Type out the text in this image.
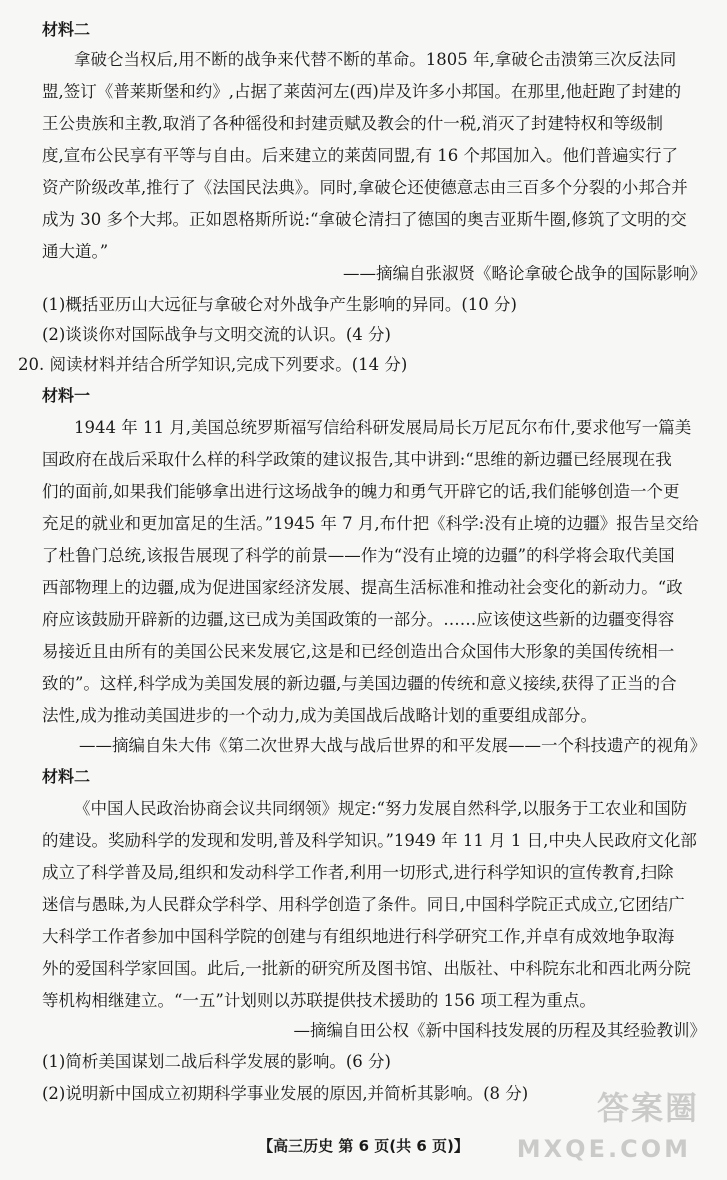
材料二
拿破仑当权后,用不断的战争来代替不断的革命。1805 年,拿破仑击溃第三次反法同
盟,签订《普莱斯堡和约》,占据了莱茵河左(西)岸及许多小邦国。在那里,他赶跑了封建的
王公贵族和主教,取消了各种徭役和封建贡赋及教会的什一税,消灭了封建特权和等级制
度,宣布公民享有平等与自由。后来建立的莱茵同盟,有 16 个邦国加入。他们普遍实行了
资产阶级改革,推行了《法国民法典》。同时,拿破仑还使德意志由三百多个分裂的小邦合并
成为 30 多个大邦。正如恩格斯所说:“拿破仑清扫了德国的奥吉亚斯牛圈,修筑了文明的交
通大道。”
——摘编自张淑贤《略论拿破仑战争的国际影响》
(1)概括亚历山大远征与拿破仑对外战争产生影响的异同。(10 分)
(2)谈谈你对国际战争与文明交流的认识。(4 分)
20. 阅读材料并结合所学知识,完成下列要求。(14 分)
材料一
1944 年 11 月,美国总统罗斯福写信给科研发展局局长万尼瓦尔布什,要求他写一篇美
国政府在战后采取什么样的科学政策的建议报告,其中讲到:“思维的新边疆已经展现在我
们的面前,如果我们能够拿出进行这场战争的魄力和勇气开辟它的话,我们能够创造一个更
充足的就业和更加富足的生活。”1945 年 7 月,布什把《科学:没有止境的边疆》报告呈交给
了杜鲁门总统,该报告展现了科学的前景——作为“没有止境的边疆”的科学将会取代美国
西部物理上的边疆,成为促进国家经济发展、提高生活标准和推动社会变化的新动力。“政
府应该鼓励开辟新的边疆,这已成为美国政策的一部分。……应该使这些新的边疆变得容
易接近且由所有的美国公民来发展它,这是和已经创造出合众国伟大形象的美国传统相一
致的”。这样,科学成为美国发展的新边疆,与美国边疆的传统和意义接续,获得了正当的合
法性,成为推动美国进步的一个动力,成为美国战后战略计划的重要组成部分。
——摘编自朱大伟《第二次世界大战与战后世界的和平发展——一个科技遗产的视角》
材料二
《中国人民政治协商会议共同纲领》规定:“努力发展自然科学,以服务于工农业和国防
的建设。奖励科学的发现和发明,普及科学知识。”1949 年 11 月 1 日,中央人民政府文化部
成立了科学普及局,组织和发动科学工作者,利用一切形式,进行科学知识的宣传教育,扫除
迷信与愚昧,为人民群众学科学、用科学创造了条件。同日,中国科学院正式成立,它团结广
大科学工作者参加中国科学院的创建与有组织地进行科学研究工作,并卓有成效地争取海
外的爱国科学家回国。此后,一批新的研究所及图书馆、出版社、中科院东北和西北两分院
等机构相继建立。“一五”计划则以苏联提供技术援助的 156 项工程为重点。
—摘编自田公权《新中国科技发展的历程及其经验教训》
(1)简析美国谋划二战后科学发展的影响。(6 分)
(2)说明新中国成立初期科学事业发展的原因,并简析其影响。(8 分)
【高三历史 第 6 页(共 6 页)】
答案圈
MXQE.COM
